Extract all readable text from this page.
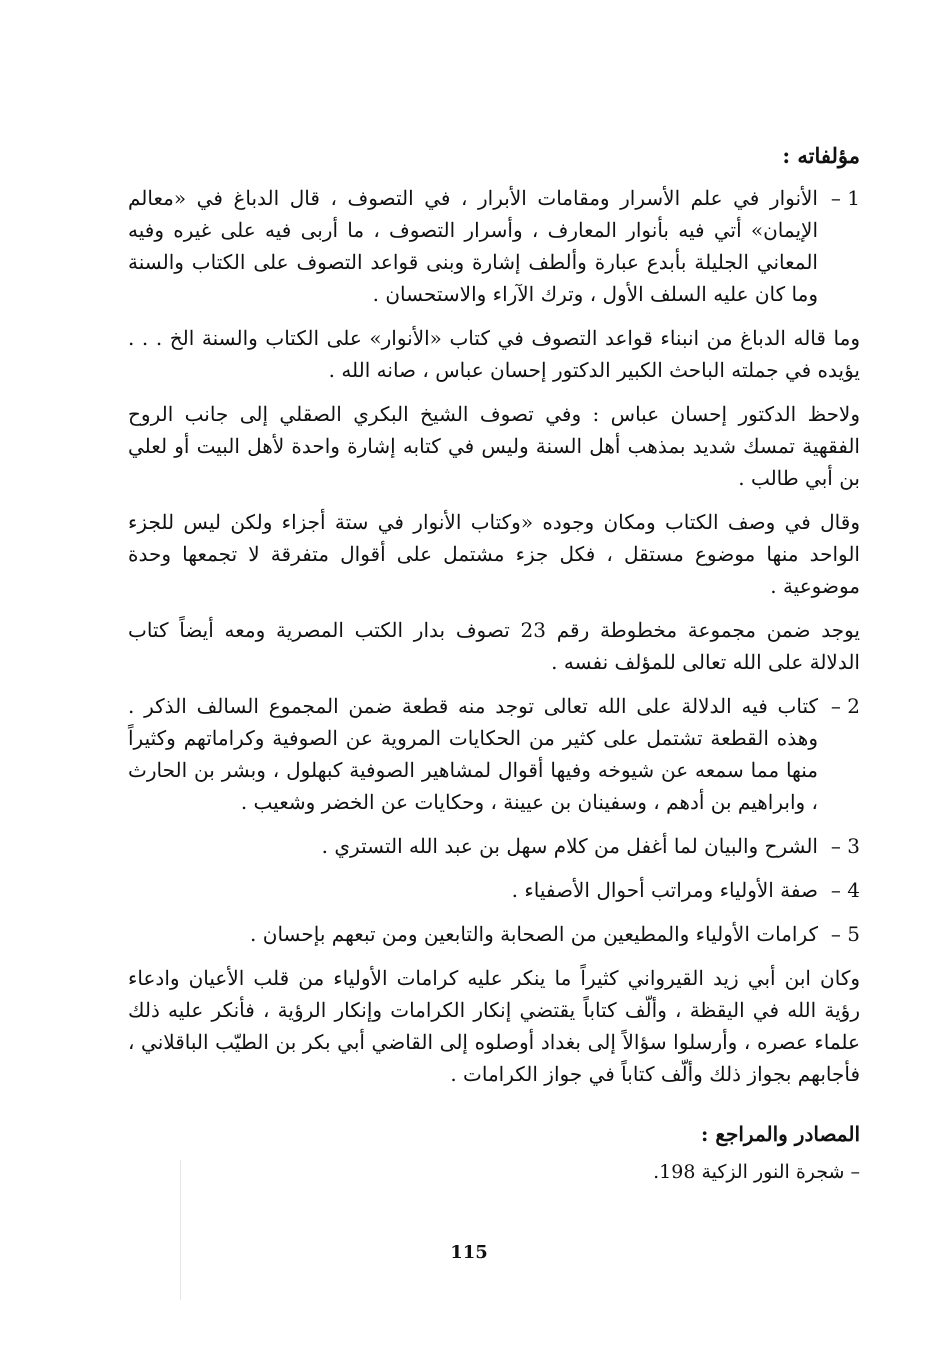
مؤلفاته :
1 –
الأنوار في علم الأسرار ومقامات الأبرار ، في التصوف ، قال الدباغ في «معالم الإيمان» أتي فيه بأنوار المعارف ، وأسرار التصوف ، ما أربى فيه على غيره وفيه المعاني الجليلة بأبدع عبارة وألطف إشارة وبنى قواعد التصوف على الكتاب والسنة وما كان عليه السلف الأول ، وترك الآراء والاستحسان .

وما قاله الدباغ من انبناء قواعد التصوف في كتاب «الأنوار» على الكتاب والسنة الخ . . . يؤيده في جملته الباحث الكبير الدكتور إحسان عباس ، صانه الله .

ولاحظ الدكتور إحسان عباس : وفي تصوف الشيخ البكري الصقلي إلى جانب الروح الفقهية تمسك شديد بمذهب أهل السنة وليس في كتابه إشارة واحدة لأهل البيت أو لعلي بن أبي طالب .

وقال في وصف الكتاب ومكان وجوده «وكتاب الأنوار في ستة أجزاء ولكن ليس للجزء الواحد منها موضوع مستقل ، فكل جزء مشتمل على أقوال متفرقة لا تجمعها وحدة موضوعية .

يوجد ضمن مجموعة مخطوطة رقم 23 تصوف بدار الكتب المصرية ومعه أيضاً كتاب الدلالة على الله تعالى للمؤلف نفسه .

2 –
كتاب فيه الدلالة على الله تعالى توجد منه قطعة ضمن المجموع السالف الذكر . وهذه القطعة تشتمل على كثير من الحكايات المروية عن الصوفية وكراماتهم وكثيراً منها مما سمعه عن شيوخه وفيها أقوال لمشاهير الصوفية كبهلول ، وبشر بن الحارث ، وابراهيم بن أدهم ، وسفينان بن عيينة ، وحكايات عن الخضر وشعيب .
3 –
الشرح والبيان لما أغفل من كلام سهل بن عبد الله التستري .
4 –
صفة الأولياء ومراتب أحوال الأصفياء .
5 –
كرامات الأولياء والمطيعين من الصحابة والتابعين ومن تبعهم بإحسان .

وكان ابن أبي زيد القيرواني كثيراً ما ينكر عليه كرامات الأولياء من قلب الأعيان وادعاء رؤية الله في اليقظة ، وألّف كتاباً يقتضي إنكار الكرامات وإنكار الرؤية ، فأنكر عليه ذلك علماء عصره ، وأرسلوا سؤالاً إلى بغداد أوصلوه إلى القاضي أبي بكر بن الطيّب الباقلاني ، فأجابهم بجواز ذلك وألّف كتاباً في جواز الكرامات .

المصادر والمراجع :
– شجرة النور الزكية 198.
115
